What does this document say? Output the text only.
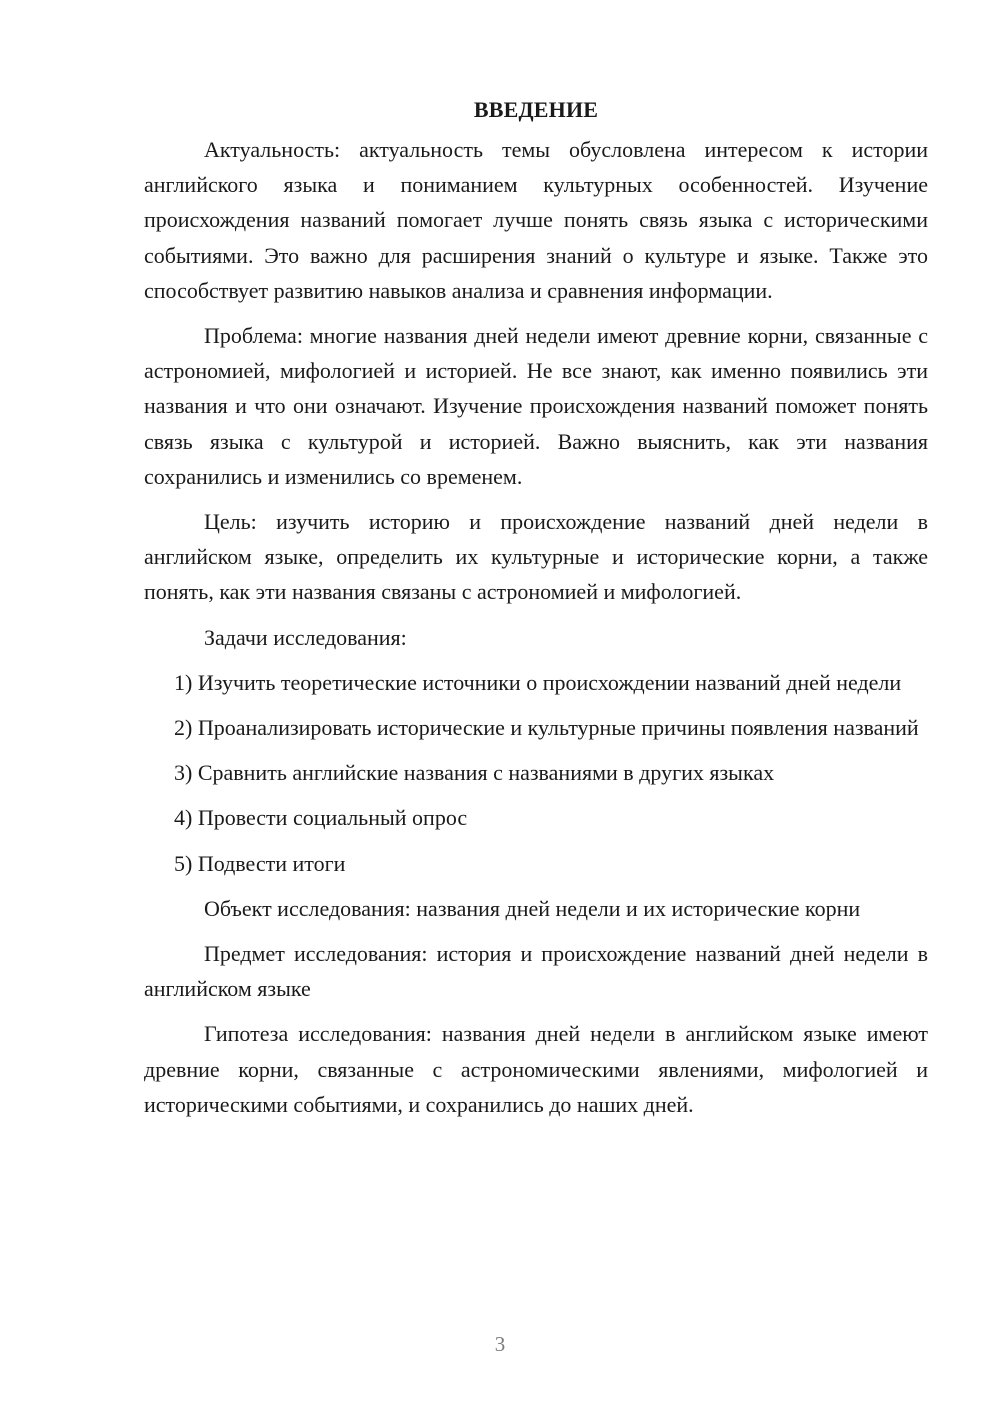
ВВЕДЕНИЕ

Актуальность: актуальность темы обусловлена интересом к истории английского языка и пониманием культурных особенностей. Изучение происхождения названий помогает лучше понять связь языка с историческими событиями. Это важно для расширения знаний о культуре и языке. Также это способствует развитию навыков анализа и сравнения информации.

Проблема: многие названия дней недели имеют древние корни, связанные с астрономией, мифологией и историей. Не все знают, как именно появились эти названия и что они означают. Изучение происхождения названий поможет понять связь языка с культурой и историей. Важно выяснить, как эти названия сохранились и изменились со временем.

Цель: изучить историю и происхождение названий дней недели в английском языке, определить их культурные и исторические корни, а также понять, как эти названия связаны с астрономией и мифологией.

Задачи исследования:

1) Изучить теоретические источники о происхождении названий дней недели

2) Проанализировать исторические и культурные причины появления названий

3) Сравнить английские названия с названиями в других языках

4) Провести социальный опрос

5) Подвести итоги

Объект исследования: названия дней недели и их исторические корни

Предмет исследования: история и происхождение названий дней недели в английском языке

Гипотеза исследования: названия дней недели в английском языке имеют древние корни, связанные с астрономическими явлениями, мифологией и историческими событиями, и сохранились до наших дней.

3
